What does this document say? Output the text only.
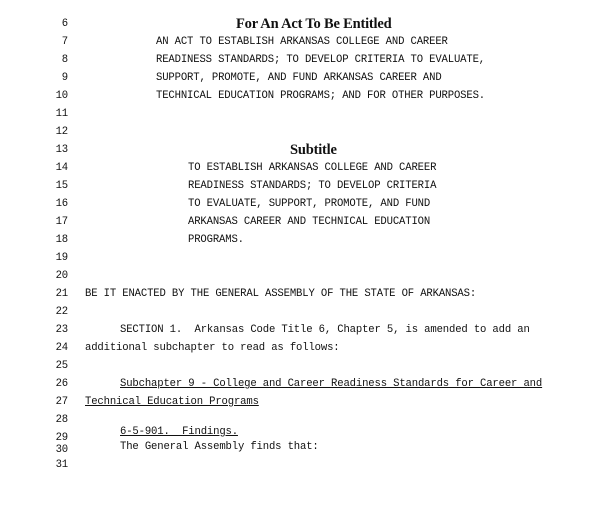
6

7

For An Act To Be Entitled

8

AN ACT TO ESTABLISH ARKANSAS COLLEGE AND CAREER

9

READINESS STANDARDS; TO DEVELOP CRITERIA TO EVALUATE,

10

SUPPORT, PROMOTE, AND FUND ARKANSAS CAREER AND

11

TECHNICAL EDUCATION PROGRAMS; AND FOR OTHER PURPOSES.

12

13

14

Subtitle

15

TO ESTABLISH ARKANSAS COLLEGE AND CAREER

16

READINESS STANDARDS; TO DEVELOP CRITERIA

17

TO EVALUATE, SUPPORT, PROMOTE, AND FUND

18

ARKANSAS CAREER AND TECHNICAL EDUCATION

19

PROGRAMS.

20

21

22

BE IT ENACTED BY THE GENERAL ASSEMBLY OF THE STATE OF ARKANSAS:

23

24

SECTION 1.  Arkansas Code Title 6, Chapter 5, is amended to add an

25

additional subchapter to read as follows:

26

27

Subchapter 9 - College and Career Readiness Standards for Career and

28

Technical Education Programs

29

30

6-5-901.  Findings.

31

The General Assembly finds that:
